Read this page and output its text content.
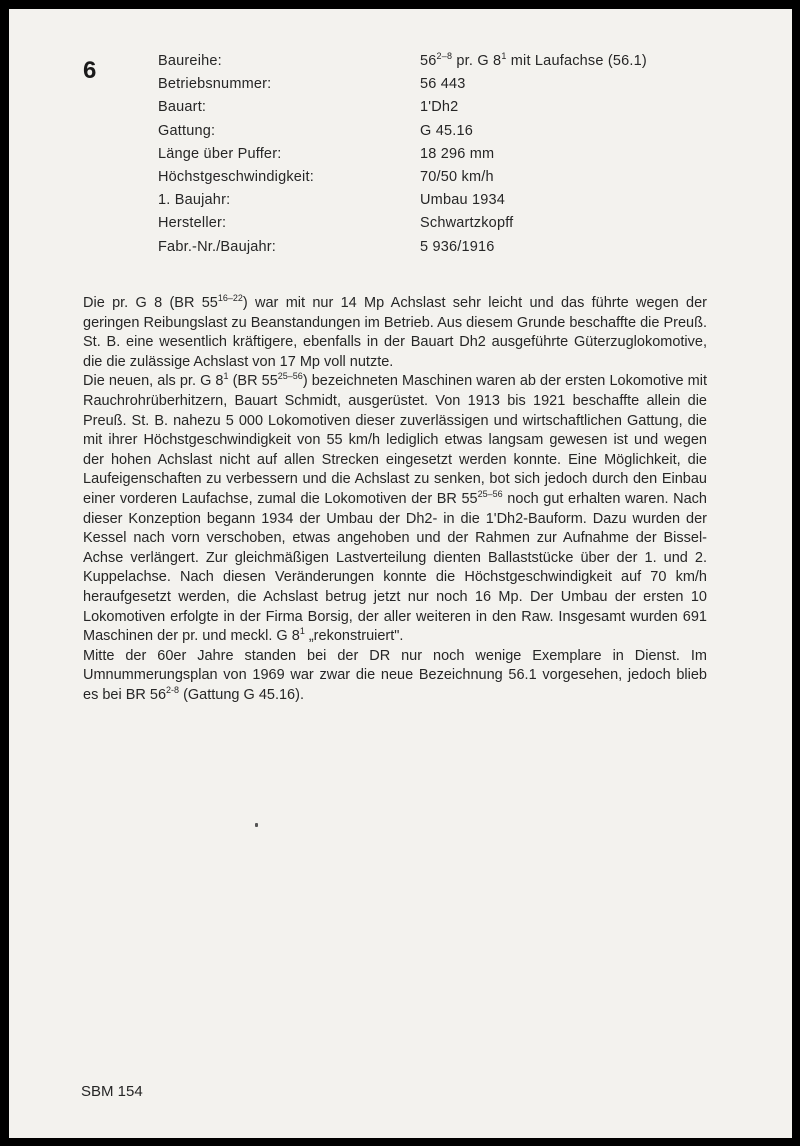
6	Baureihe:	56$^{2-8}$ pr. G $8^1$ mit Laufachse (56.1)
Betriebsnummer:	56 443
Bauart:	1'Dh2
Gattung:	G 45.16
Länge über Puffer:	18 296 mm
Höchstgeschwindigkeit:	70/50 km/h
1. Baujahr:	Umbau 1934
Hersteller:	Schwartzkopff
Fabr.-Nr./Baujahr:	5 936/1916

Die pr. G 8 (BR 55$^{16-22}$) war mit nur 14 Mp Achslast sehr leicht und das führte wegen der geringen Reibungslast zu Beanstandungen im Betrieb. Aus diesem Grunde beschaffte die Preuß. St. B. eine wesentlich kräftigere, ebenfalls in der Bauart Dh2 ausgeführte Güterzuglokomotive, die die zulässige Achslast von 17 Mp voll nutzte.

Die neuen, als pr. G $8^1$ (BR 55$^{25-56}$) bezeichneten Maschinen waren ab der ersten Lokomotive mit Rauchrohrüberhitzern, Bauart Schmidt, ausgerüstet. Von 1913 bis 1921 beschaffte allein die Preuß. St. B. nahezu 5 000 Lokomotiven dieser zuverlässigen und wirtschaftlichen Gattung, die mit ihrer Höchstgeschwindigkeit von 55 km/h lediglich etwas langsam gewesen ist und wegen der hohen Achslast nicht auf allen Strecken eingesetzt werden konnte. Eine Möglichkeit, die Laufeigenschaften zu verbessern und die Achslast zu senken, bot sich jedoch durch den Einbau einer vorderen Laufachse, zumal die Lokomotiven der BR 55$^{25-56}$ noch gut erhalten waren. Nach dieser Konzeption begann 1934 der Umbau der Dh2- in die 1'Dh2-Bauform. Dazu wurden der Kessel nach vorn verschoben, etwas angehoben und der Rahmen zur Aufnahme der Bissel-Achse verlängert. Zur gleichmäßigen Lastverteilung dienten Ballaststücke über der 1. und 2. Kuppelachse. Nach diesen Veränderungen konnte die Höchstgeschwindigkeit auf 70 km/h heraufgesetzt werden, die Achslast betrug jetzt nur noch 16 Mp. Der Umbau der ersten 10 Lokomotiven erfolgte in der Firma Borsig, der aller weiteren in den Raw. Insgesamt wurden 691 Maschinen der pr. und meckl. G $8^1$ „rekonstruiert".

Mitte der 60er Jahre standen bei der DR nur noch wenige Exemplare in Dienst. Im Umnummerungsplan von 1969 war zwar die neue Bezeichnung 56.1 vorgesehen, jedoch blieb es bei BR 56$^{2-8}$ (Gattung G 45.16).

SBM 154
